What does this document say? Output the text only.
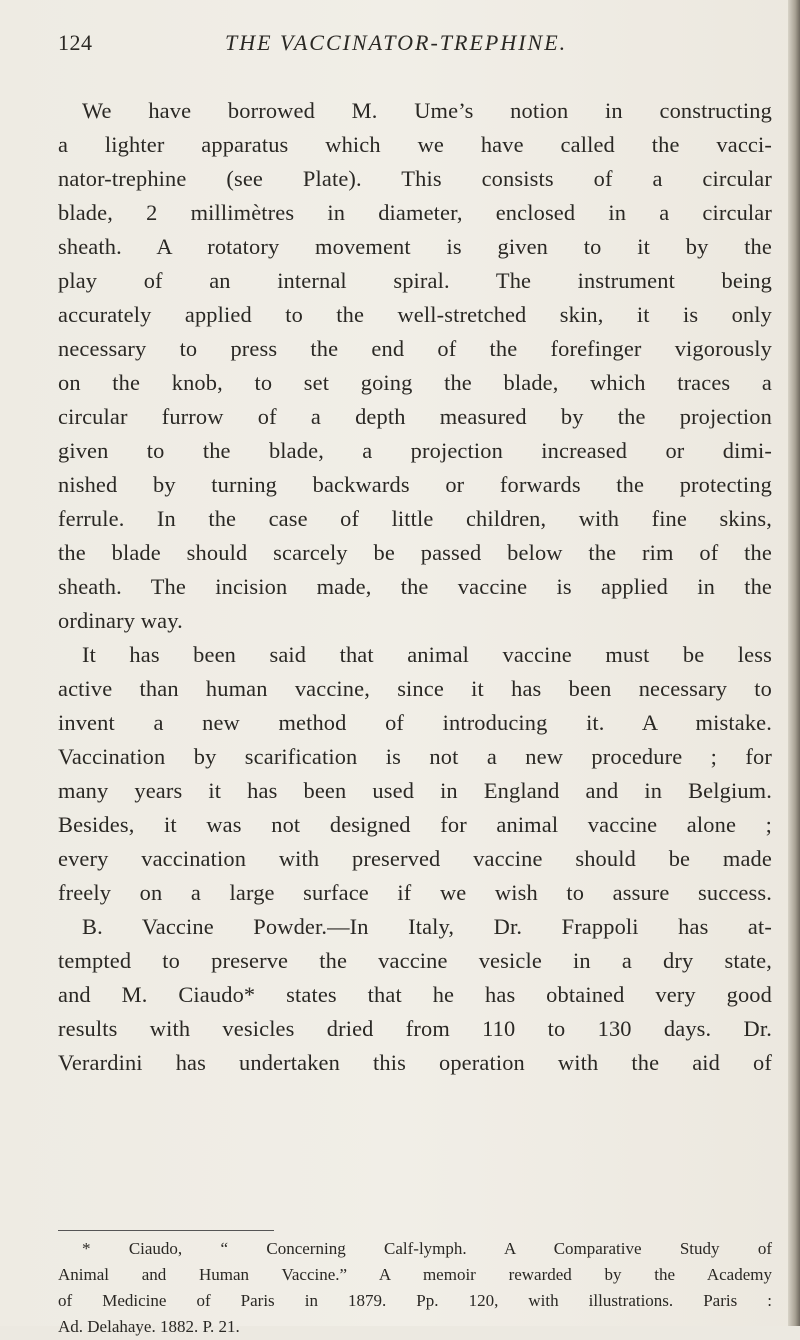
124	THE VACCINATOR-TREPHINE.
We have borrowed M. Ume’s notion in constructing
a lighter apparatus which we have called the vacci-
nator-trephine (see Plate). This consists of a circular
blade, 2 millimètres in diameter, enclosed in a circular
sheath. A rotatory movement is given to it by the
play of an internal spiral. The instrument being
accurately applied to the well-stretched skin, it is only
necessary to press the end of the forefinger vigorously
on the knob, to set going the blade, which traces a
circular furrow of a depth measured by the projection
given to the blade, a projection increased or dimi-
nished by turning backwards or forwards the protecting
ferrule. In the case of little children, with fine skins,
the blade should scarcely be passed below the rim of the
sheath. The incision made, the vaccine is applied in the
ordinary way.
It has been said that animal vaccine must be less
active than human vaccine, since it has been necessary to
invent a new method of introducing it. A mistake.
Vaccination by scarification is not a new procedure ; for
many years it has been used in England and in Belgium.
Besides, it was not designed for animal vaccine alone ;
every vaccination with preserved vaccine should be made
freely on a large surface if we wish to assure success.
B. Vaccine Powder.—In Italy, Dr. Frappoli has at-
tempted to preserve the vaccine vesicle in a dry state,
and M. Ciaudo* states that he has obtained very good
results with vesicles dried from 110 to 130 days. Dr.
Verardini has undertaken this operation with the aid of
* Ciaudo, “ Concerning Calf-lymph. A Comparative Study of
Animal and Human Vaccine.” A memoir rewarded by the Academy
of Medicine of Paris in 1879. Pp. 120, with illustrations. Paris :
Ad. Delahaye. 1882. P. 21.
